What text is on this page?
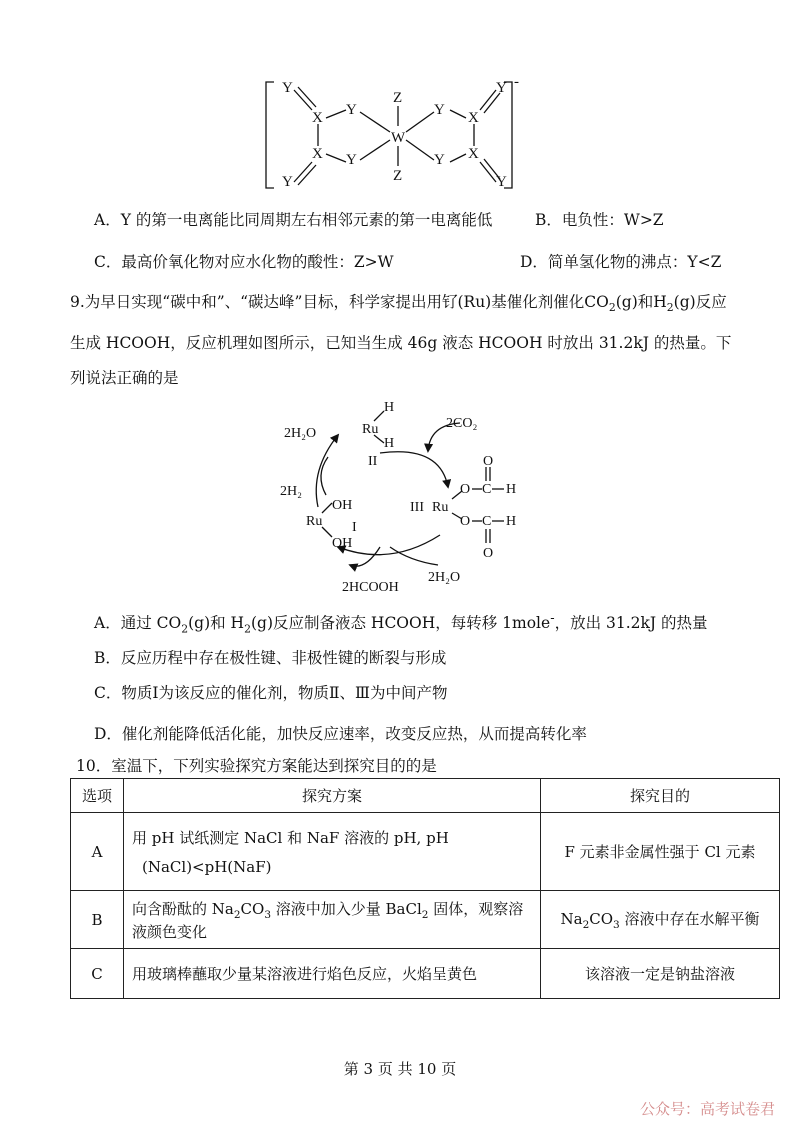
Y
X Y
X Y
Y
Z
W
Z
Y
Y
X
X
Y
Y
-
A．Y 的第一电离能比同周期左右相邻元素的第一电离能低	B．电负性：W>Z
C．最高价氧化物对应水化物的酸性：Z>W	D．简单氢化物的沸点：Y<Z
9.为早日实现“碳中和”、“碳达峰”目标，科学家提出用钌(Ru)基催化剂催化$CO_2(g)$和$H_2(g)$反应
生成 HCOOH，反应机理如图所示，已知当生成 46g 液态 HCOOH 时放出 31.2kJ 的热量。下
列说法正确的是
Ru
H
H
II
2H₂O
2CO₂
2H₂
Ru
OH
OH
I
III Ru
O C H
O
O C H
O
2HCOOH
2H₂O
A．通过 $CO_2(g)$和 $H_2(g)$反应制备液态 HCOOH，每转移 1mole-，放出 31.2kJ 的热量
B．反应历程中存在极性键、非极性键的断裂与形成
C．物质Ⅰ为该反应的催化剂，物质Ⅱ、Ⅲ为中间产物
D．催化剂能降低活化能，加快反应速率，改变反应热，从而提高转化率
10．室温下，下列实验探究方案能达到探究目的的是
选项	探究方案	探究目的
A	用 pH 试纸测定 NaCl 和 NaF 溶液的 pH, pH
(NaCl)<pH(NaF)	F 元素非金属性强于 Cl 元素
B	向含酚酞的 $Na_2CO_3$ 溶液中加入少量 BaCl$_2$ 固体，观察溶液颜色变化	$Na_2CO_3$ 溶液中存在水解平衡
C	用玻璃棒蘸取少量某溶液进行焰色反应，火焰呈黄色	该溶液一定是钠盐溶液
第 3 页 共 10 页
公众号：高考试卷君
